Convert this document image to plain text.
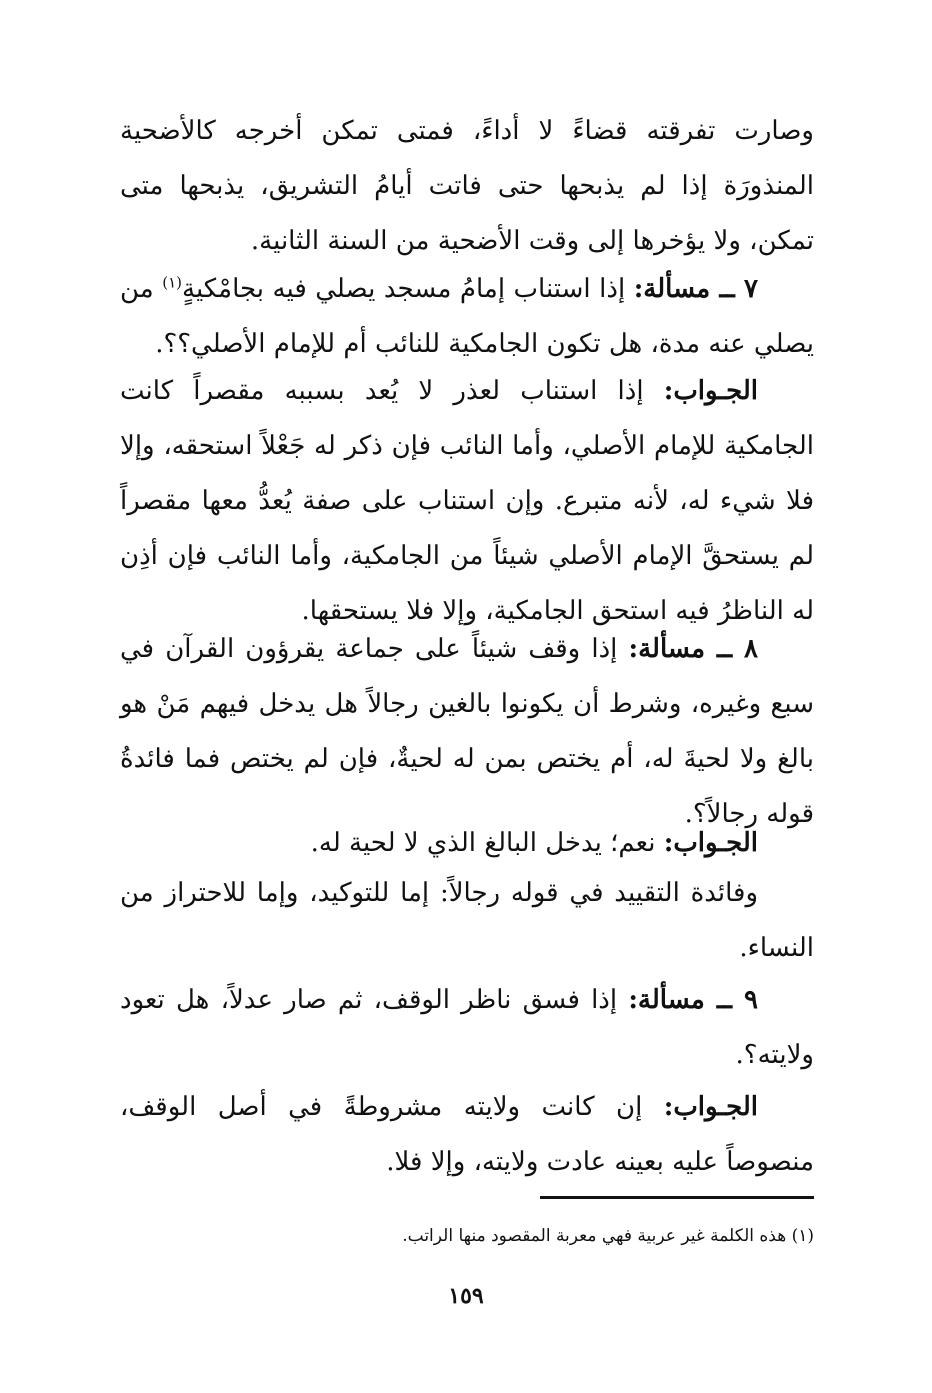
وصارت تفرقته قضاءً لا أداءً، فمتى تمكن أخرجه كالأضحية المنذورَة إذا لم يذبحها حتى فاتت أيامُ التشريق، يذبحها متى تمكن، ولا يؤخرها إلى وقت الأضحية من السنة الثانية.

٧ ــ مسألة: إذا استناب إمامُ مسجد يصلي فيه بجامْكيةٍ$^{(١)}$ من يصلي عنه مدة، هل تكون الجامكية للنائب أم للإمام الأصلي؟؟.

الجـواب: إذا استناب لعذر لا يُعد بسببه مقصراً كانت الجامكية للإمام الأصلي، وأما النائب فإن ذكر له جَعْلاً استحقه، وإلا فلا شيء له، لأنه متبرع. وإن استناب على صفة يُعدُّ معها مقصراً لم يستحقَّ الإمام الأصلي شيئاً من الجامكية، وأما النائب فإن أذِن له الناظرُ فيه استحق الجامكية، وإلا فلا يستحقها.

٨ ــ مسألة: إذا وقف شيئاً على جماعة يقرؤون القرآن في سبع وغيره، وشرط أن يكونوا بالغين رجالاً هل يدخل فيهم مَنْ هو بالغ ولا لحيةَ له، أم يختص بمن له لحيةٌ، فإن لم يختص فما فائدةُ قوله رجالاً؟.

الجـواب: نعم؛ يدخل البالغ الذي لا لحية له.

وفائدة التقييد في قوله رجالاً: إما للتوكيد، وإما للاحتراز من النساء.

٩ ــ مسألة: إذا فسق ناظر الوقف، ثم صار عدلاً، هل تعود ولايته؟.

الجـواب: إن كانت ولايته مشروطةً في أصل الوقف، منصوصاً عليه بعينه عادت ولايته، وإلا فلا.

(١) هذه الكلمة غير عربية فهي معربة المقصود منها الراتب.

١٥٩
